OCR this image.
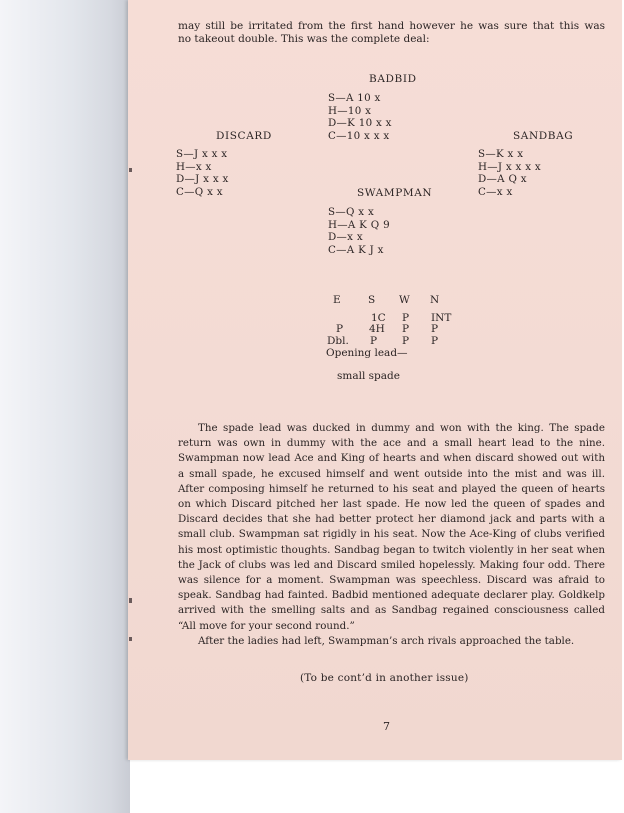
may still be irritated from the first hand however he was sure that this was
no takeout double. This was the complete deal:
BADBID
S—A 10 x
H—10 x
D—K 10 x x
C—10 x x x
DISCARD
S—J x x x
H—x x
D—J x x x
C—Q x x
SANDBAG
S—K x x
H—J x x x x
D—A Q x
C—x x
SWAMPMAN
S—Q x x
H—A K Q 9
D—x x
C—A K J x
E	S W N
1C P INT
P 4H P P
Dbl. P P P
Opening lead—
small spade
The spade lead was ducked in dummy and won with the king. The spade return was own in dummy with the ace and a small heart lead to the nine. Swampman now lead Ace and King of hearts and when discard showed out with a small spade, he excused himself and went outside into the mist and was ill. After composing himself he returned to his seat and played the queen of hearts on which Discard pitched her last spade. He now led the queen of spades and Discard decides that she had better protect her diamond jack and parts with a small club. Swampman sat rigidly in his seat. Now the Ace-King of clubs verified his most optimistic thoughts. Sandbag began to twitch violently in her seat when the Jack of clubs was led and Discard smiled hopelessly. Making four odd. There was silence for a moment. Swampman was speechless. Discard was afraid to speak. Sandbag had fainted. Badbid mentioned adequate declarer play. Goldkelp arrived with the smelling salts and as Sandbag regained consciousness called “All move for your second round.”
After the ladies had left, Swampman’s arch rivals approached the table.
(To be cont’d in another issue)
7
